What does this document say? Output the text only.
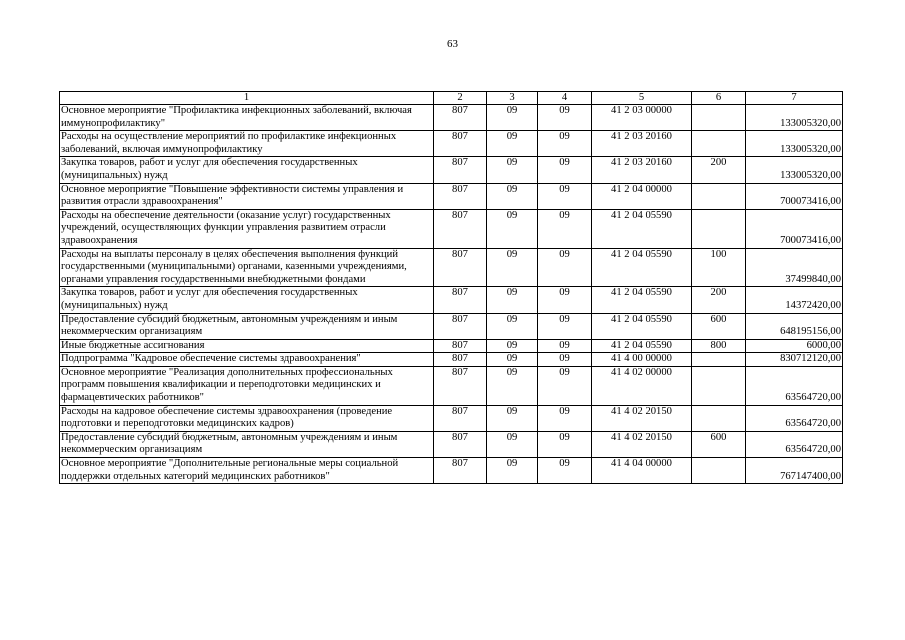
63
1	2	3	4	5	6	7
Основное мероприятие "Профилактика инфекционных заболеваний, включая иммунопрофилактику"	807	09	09	41 2 03 00000		133005320,00
Расходы на осуществление мероприятий по профилактике инфекционных заболеваний, включая иммунопрофилактику	807	09	09	41 2 03 20160		133005320,00
Закупка товаров, работ и услуг для обеспечения государственных (муниципальных) нужд	807	09	09	41 2 03 20160	200	133005320,00
Основное мероприятие "Повышение эффективности системы управления и развития отрасли здравоохранения"	807	09	09	41 2 04 00000		700073416,00
Расходы на обеспечение деятельности (оказание услуг) государственных учреждений, осуществляющих функции управления развитием отрасли здравоохранения	807	09	09	41 2 04 05590		700073416,00
Расходы на выплаты персоналу в целях обеспечения выполнения функций государственными (муниципальными) органами, казенными учреждениями, органами управления государственными внебюджетными фондами	807	09	09	41 2 04 05590	100	37499840,00
Закупка товаров, работ и услуг для обеспечения государственных (муниципальных) нужд	807	09	09	41 2 04 05590	200	14372420,00
Предоставление субсидий бюджетным, автономным учреждениям и иным некоммерческим организациям	807	09	09	41 2 04 05590	600	648195156,00
Иные бюджетные ассигнования	807	09	09	41 2 04 05590	800	6000,00
Подпрограмма "Кадровое обеспечение системы здравоохранения"	807	09	09	41 4 00 00000		830712120,00
Основное мероприятие "Реализация дополнительных профессиональных программ повышения квалификации и переподготовки медицинских и фармацевтических работников"	807	09	09	41 4 02 00000		63564720,00
Расходы на кадровое обеспечение системы здравоохранения (проведение подготовки и переподготовки медицинских кадров)	807	09	09	41 4 02 20150		63564720,00
Предоставление субсидий бюджетным, автономным учреждениям и иным некоммерческим организациям	807	09	09	41 4 02 20150	600	63564720,00
Основное мероприятие "Дополнительные региональные меры социальной поддержки отдельных категорий медицинских работников"	807	09	09	41 4 04 00000		767147400,00
